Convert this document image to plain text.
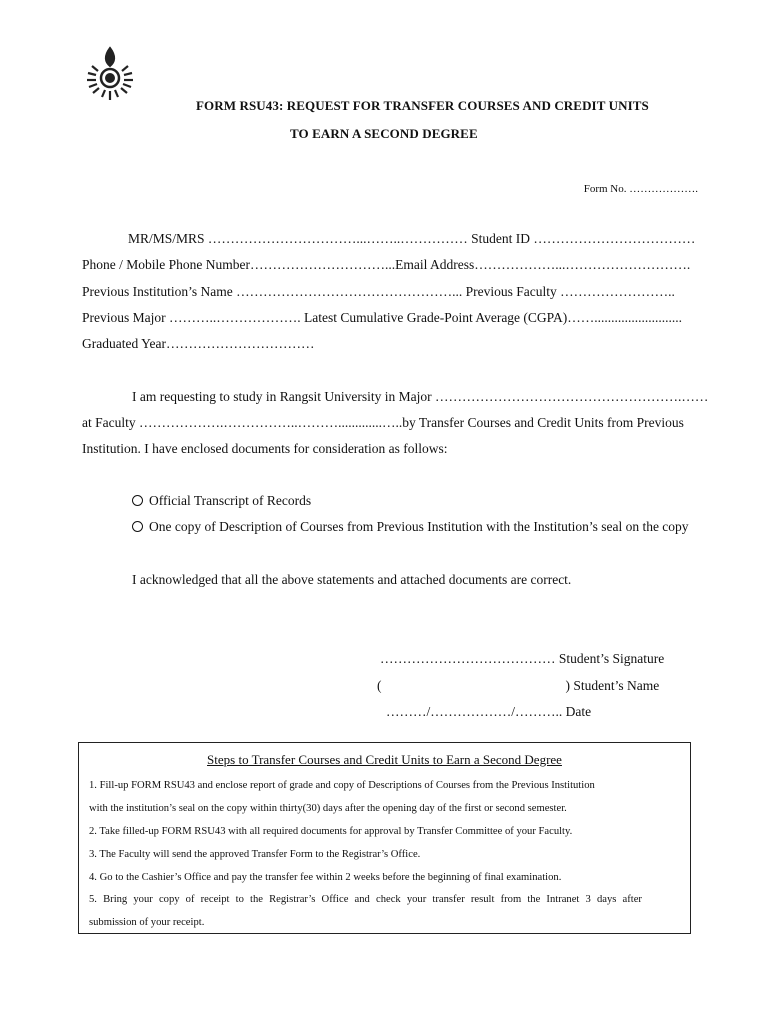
FORM RSU43: REQUEST FOR TRANSFER COURSES AND CREDIT UNITS
TO EARN A SECOND DEGREE
Form No. ……………….
MR/MS/MRS ……………………………...……..…………… Student ID ………………………………
Phone / Mobile Phone Number…………………………...Email Address………………...……………………….
Previous Institution’s Name …………………………………………... Previous Faculty ……………………..
Previous Major ………..………………. Latest Cumulative Grade-Point Average (CGPA)……..........................
Graduated Year……………………………
I am requesting to study in Rangsit University in Major ……………………………………………….……
at Faculty ……………….……………..……….............…..by Transfer Courses and Credit Units from Previous
Institution. I have enclosed documents for consideration as follows:
Official Transcript of Records
One copy of Description of Courses from Previous Institution with the Institution’s seal on the copy
I acknowledged that all the above statements and attached documents are correct.
………………………………… Student’s Signature
(	) Student’s Name
………/………………/……….. Date
Steps to Transfer Courses and Credit Units to Earn a Second Degree
1. Fill-up FORM RSU43 and enclose report of grade and copy of Descriptions of Courses from the Previous Institution
with the institution’s seal on the copy within thirty(30) days after the opening day of the first or second semester.
2. Take filled-up FORM RSU43 with all required documents for approval by Transfer Committee of your Faculty.
3. The Faculty will send the approved Transfer Form to the Registrar’s Office.
4. Go to the Cashier’s Office and pay the transfer fee within 2 weeks before the beginning of final examination.
5. Bring your copy of receipt to the Registrar’s Office and check your transfer result from the Intranet 3 days after
submission of your receipt.
